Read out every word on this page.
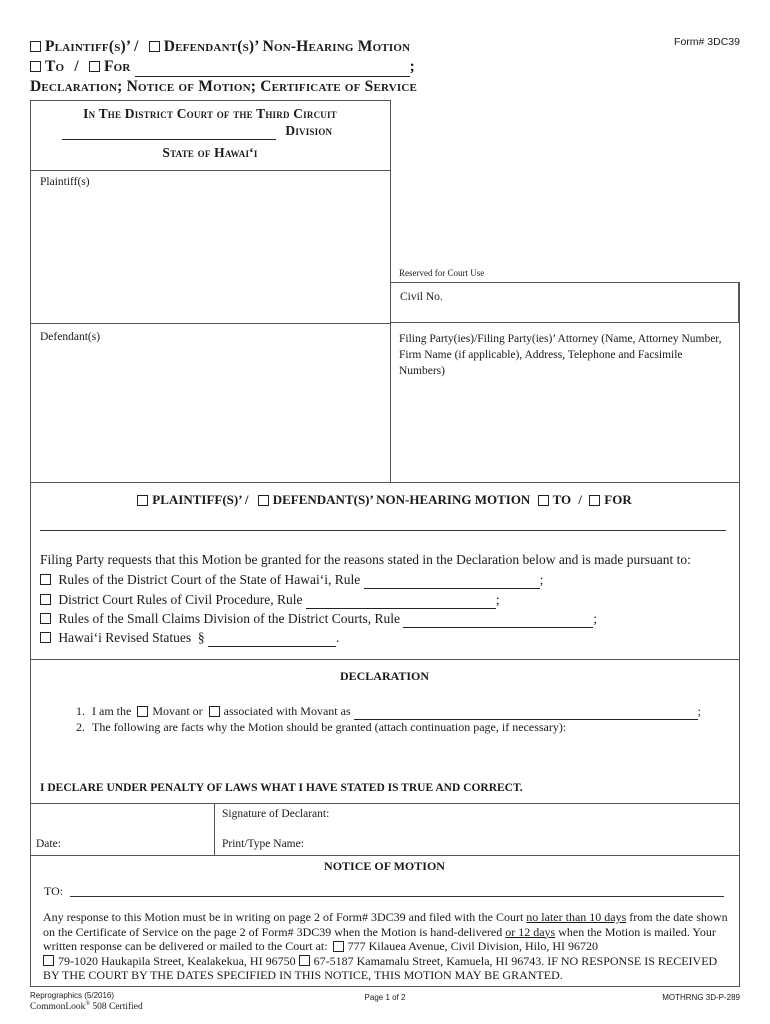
Form# 3DC39
Plaintiff(s)’ / Defendant(s)’ Non-Hearing Motion
To / For	;
Declaration; Notice of Motion; Certificate of Service
In The District Court of the Third Circuit
Division
State of Hawaiʻi
Plaintiff(s)
Defendant(s)
Reserved for Court Use
Civil No.
Filing Party(ies)/Filing Party(ies)’ Attorney (Name, Attorney Number, Firm Name (if applicable), Address, Telephone and Facsimile Numbers)
PLAINTIFF(S)’ / DEFENDANT(S)’ NON-HEARING MOTION TO / FOR
Filing Party requests that this Motion be granted for the reasons stated in the Declaration below and is made pursuant to:
Rules of the District Court of the State of Hawaiʻi, Rule	;
District Court Rules of Civil Procedure, Rule	;
Rules of the Small Claims Division of the District Courts, Rule	;
Hawaiʻi Revised Statues  §	.
DECLARATION
1. I am the Movant or associated with Movant as	;
2. The following are facts why the Motion should be granted (attach continuation page, if necessary):
I DECLARE UNDER PENALTY OF LAWS WHAT I HAVE STATED IS TRUE AND CORRECT.
Signature of Declarant:
Date:	Print/Type Name:
NOTICE OF MOTION
TO:
Any response to this Motion must be in writing on page 2 of Form# 3DC39 and filed with the Court no later than 10 days from the date shown on the Certificate of Service on the page 2 of Form# 3DC39 when the Motion is hand-delivered or 12 days when the Motion is mailed. Your written response can be delivered or mailed to the Court at: 777 Kilauea Avenue, Civil Division, Hilo, HI 96720
79-1020 Haukapila Street, Kealakekua, HI 96750 67-5187 Kamamalu Street, Kamuela, HI 96743. IF NO RESPONSE IS RECEIVED BY THE COURT BY THE DATES SPECIFIED IN THIS NOTICE, THIS MOTION MAY BE GRANTED.
Reprographics (5/2016)
CommonLook® 508 Certified
Page 1 of 2	MOTHRNG 3D-P-289
